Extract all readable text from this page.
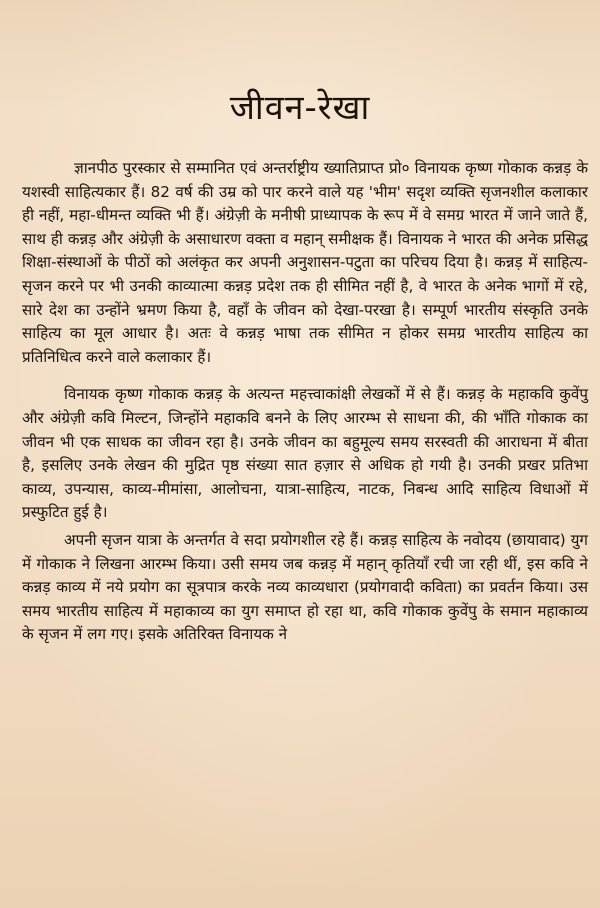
जीवन-रेखा

ज्ञानपीठ पुरस्कार से सम्मानित एवं अन्तर्राष्ट्रीय ख्यातिप्राप्त प्रो० विनायक कृष्ण गोकाक कन्नड़ के यशस्वी साहित्यकार हैं। 82 वर्ष की उम्र को पार करने वाले यह 'भीम' सदृश व्यक्ति सृजनशील कलाकार ही नहीं, महा-धीमन्त व्यक्ति भी हैं। अंग्रेज़ी के मनीषी प्राध्यापक के रूप में वे समग्र भारत में जाने जाते हैं, साथ ही कन्नड़ और अंग्रेज़ी के असाधारण वक्ता व महान् समीक्षक हैं। विनायक ने भारत की अनेक प्रसिद्ध शिक्षा-संस्थाओं के पीठों को अलंकृत कर अपनी अनुशासन-पटुता का परिचय दिया है। कन्नड़ में साहित्य-सृजन करने पर भी उनकी काव्यात्मा कन्नड़ प्रदेश तक ही सीमित नहीं है, वे भारत के अनेक भागों में रहे, सारे देश का उन्होंने भ्रमण किया है, वहाँ के जीवन को देखा-परखा है। सम्पूर्ण भारतीय संस्कृति उनके साहित्य का मूल आधार है। अतः वे कन्नड़ भाषा तक सीमित न होकर समग्र भारतीय साहित्य का प्रतिनिधित्व करने वाले कलाकार हैं।

विनायक कृष्ण गोकाक कन्नड़ के अत्यन्त महत्त्वाकांक्षी लेखकों में से हैं। कन्नड़ के महाकवि कुवेंपु और अंग्रेज़ी कवि मिल्टन, जिन्होंने महाकवि बनने के लिए आरम्भ से साधना की, की भाँति गोकाक का जीवन भी एक साधक का जीवन रहा है। उनके जीवन का बहुमूल्य समय सरस्वती की आराधना में बीता है, इसलिए उनके लेखन की मुद्रित पृष्ठ संख्या सात हज़ार से अधिक हो गयी है। उनकी प्रखर प्रतिभा काव्य, उपन्यास, काव्य-मीमांसा, आलोचना, यात्रा-साहित्य, नाटक, निबन्ध आदि साहित्य विधाओं में प्रस्फुटित हुई है।

अपनी सृजन यात्रा के अन्तर्गत वे सदा प्रयोगशील रहे हैं। कन्नड़ साहित्य के नवोदय (छायावाद) युग में गोकाक ने लिखना आरम्भ किया। उसी समय जब कन्नड़ में महान् कृतियाँ रची जा रही थीं, इस कवि ने कन्नड़ काव्य में नये प्रयोग का सूत्रपात्र करके नव्य काव्यधारा (प्रयोगवादी कविता) का प्रवर्तन किया। उस समय भारतीय साहित्य में महाकाव्य का युग समाप्त हो रहा था, कवि गोकाक कुवेंपु के समान महाकाव्य के सृजन में लग गए। इसके अतिरिक्त विनायक ने
